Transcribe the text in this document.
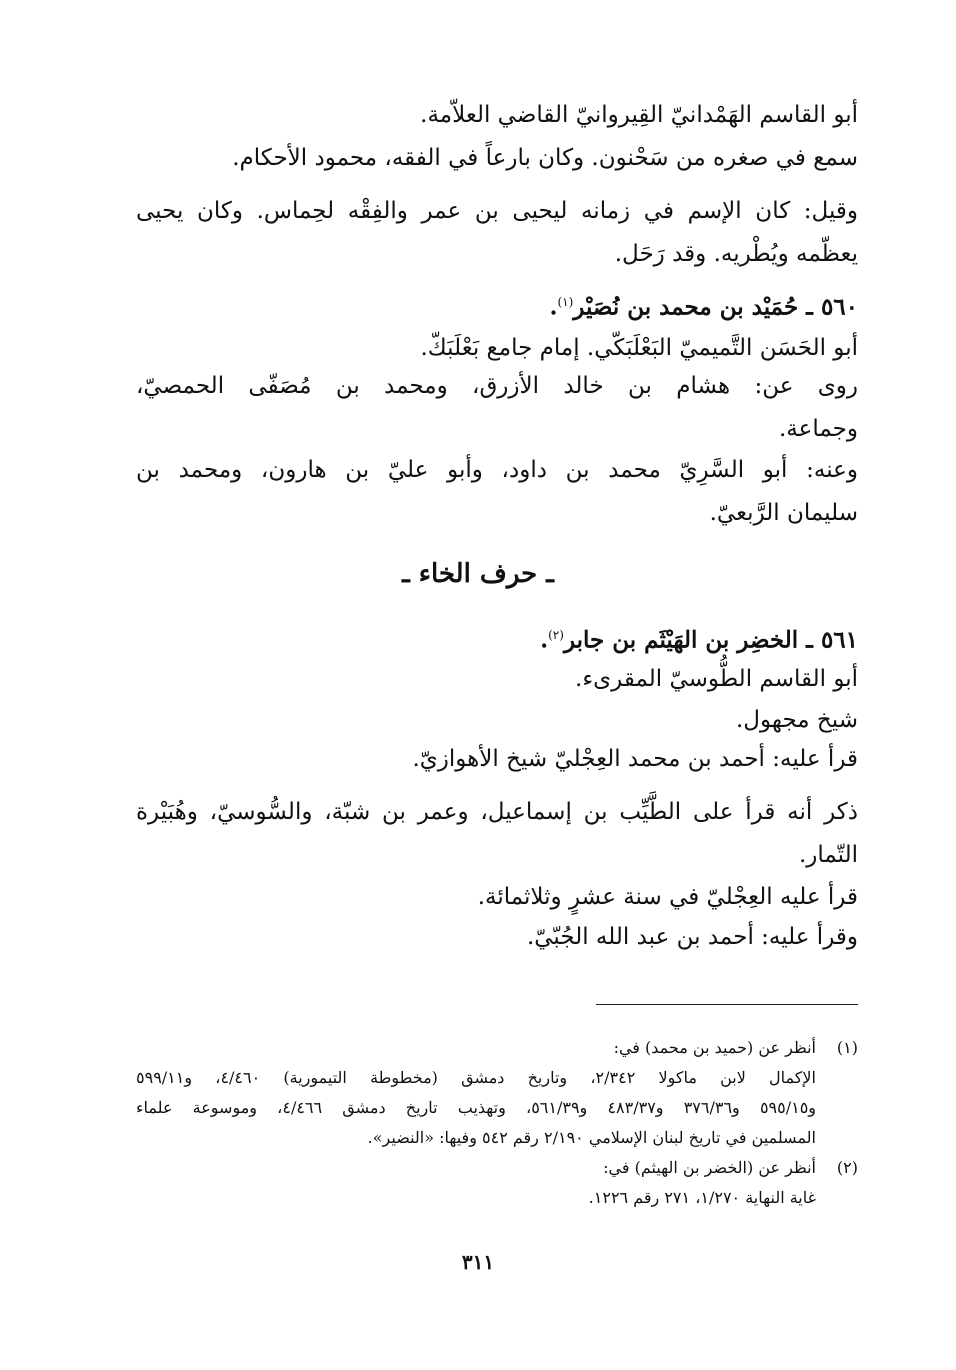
أبو القاسم الهَمْدانيّ القِيروانيّ القاضي العلاّمة.
سمع في صغره من سَحْنون. وكان بارعاً في الفقه، محمود الأحكام.
وقيل: كان الإسم في زمانه ليحيى بن عمر والفِقْه لحِماس. وكان يحيى
يعظّمه ويُطْريه. وقد رَحَل.
٥٦٠ ـ حُمَيْد بن محمد بن نُصَيْر$^{(١)}$.
أبو الحَسَن التَّميميّ البَعْلَبَكّي. إمام جامع بَعْلَبَكّ.
روى عن: هشام بن خالد الأزرق، ومحمد بن مُصَفّى الحمصيّ،
وجماعة.
وعنه: أبو السَّرِيّ محمد بن داود، وأبو عليّ بن هارون، ومحمد بن
سليمان الرَّبعيّ.
ـ حرف الخاء ـ
٥٦١ ـ الخضِر بن الهَيْثَم بن جابر$^{(٢)}$.
أبو القاسم الطُّوسيّ المقرىء.
شيخ مجهول.
قرأ عليه: أحمد بن محمد العِجْليّ شيخ الأهوازيّ.
ذكر أنه قرأ على الطَّيِّب بن إسماعيل، وعمر بن شبّة، والسُّوسيّ، وهُبَيْرة
التّمار.
قرأ عليه العِجْليّ في سنة عشرٍ وثلاثمائة.
وقرأ عليه: أحمد بن عبد الله الجُبّيّ.
(١)
أنظر عن (حميد بن محمد) في:
الإكمال لابن ماكولا ٢/٣٤٢، وتاريخ دمشق (مخطوطة التيمورية) ٤/٤٦٠، و٥٩٩/١١
و٥٩٥/١٥ و٣٧٦/٣٦ و٤٨٣/٣٧ و٥٦١/٣٩، وتهذيب تاريخ دمشق ٤/٤٦٦، وموسوعة علماء
المسلمين في تاريخ لبنان الإسلامي ٢/١٩٠ رقم ٥٤٢ وفيها: «النضير».
(٢)
أنظر عن (الخضر بن الهيثم) في:
غاية النهاية ١/٢٧٠، ٢٧١ رقم ١٢٢٦.
٣١١
